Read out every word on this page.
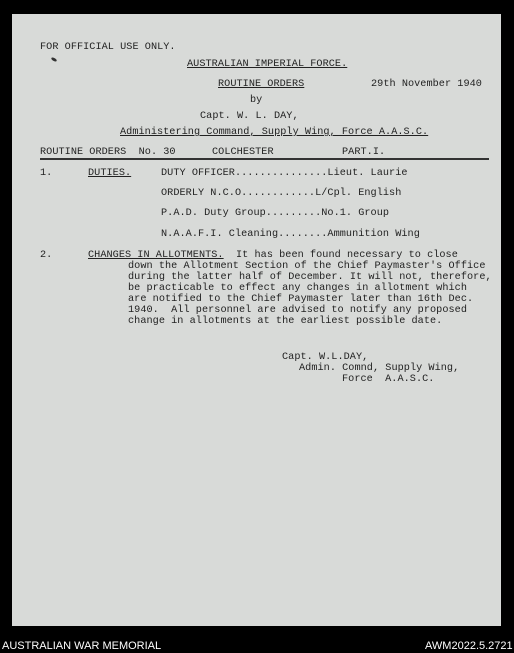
FOR OFFICIAL USE ONLY.
AUSTRALIAN IMPERIAL FORCE.
ROUTINE ORDERS	29th November 1940
by
Capt. W. L. DAY,
Administering Command, Supply Wing, Force A.A.S.C.
ROUTINE ORDERS  No. 30	COLCHESTER	PART.I.
1.	DUTIES.	DUTY OFFICER...............Lieut. Laurie
ORDERLY N.C.O............L/Cpl. English
P.A.D. Duty Group.........No.1. Group
N.A.A.F.I. Cleaning........Ammunition Wing
2.	CHANGES IN ALLOTMENTS. It has been found necessary to close
down the Allotment Section of the Chief Paymaster's Office
during the latter half of December. It will not, therefore,
be practicable to effect any changes in allotment which
are notified to the Chief Paymaster later than 16th Dec.
1940.  All personnel are advised to notify any proposed
change in allotments at the earliest possible date.
Capt. W.L.DAY,
Admin. Comnd, Supply Wing,
Force  A.A.S.C.
AUSTRALIAN WAR MEMORIAL	AWM2022.5.2721
